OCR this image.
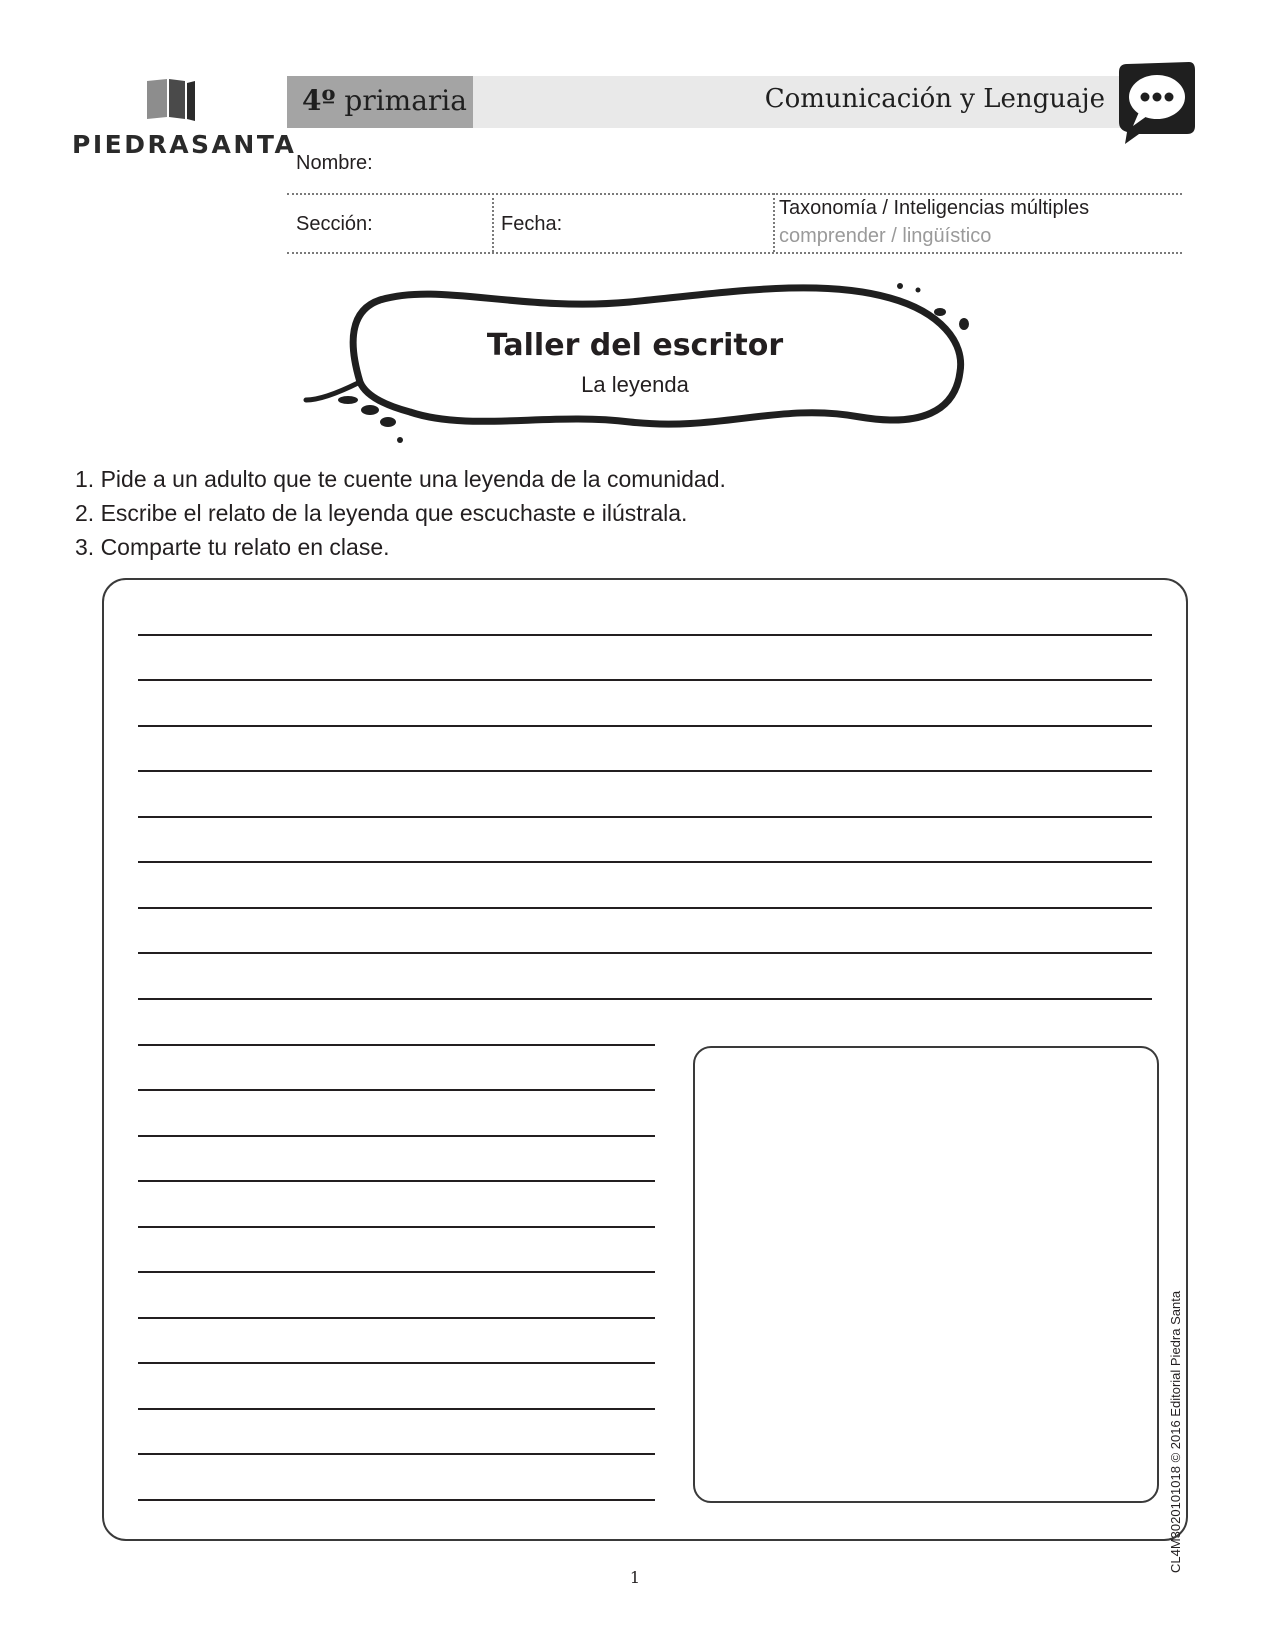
PIEDRASANTA
4º primaria	Comunicación y Lenguaje
Nombre:
Sección:	Fecha:
Taxonomía / Inteligencias múltiples
comprender / lingüístico
Taller del escritor
La leyenda
1. Pide a un adulto que te cuente una leyenda de la comunidad.
2. Escribe el relato de la leyenda que escuchaste e ilústrala.
3. Comparte tu relato en clase.
CL4M3020101018 © 2016 Editorial Piedra Santa
1
